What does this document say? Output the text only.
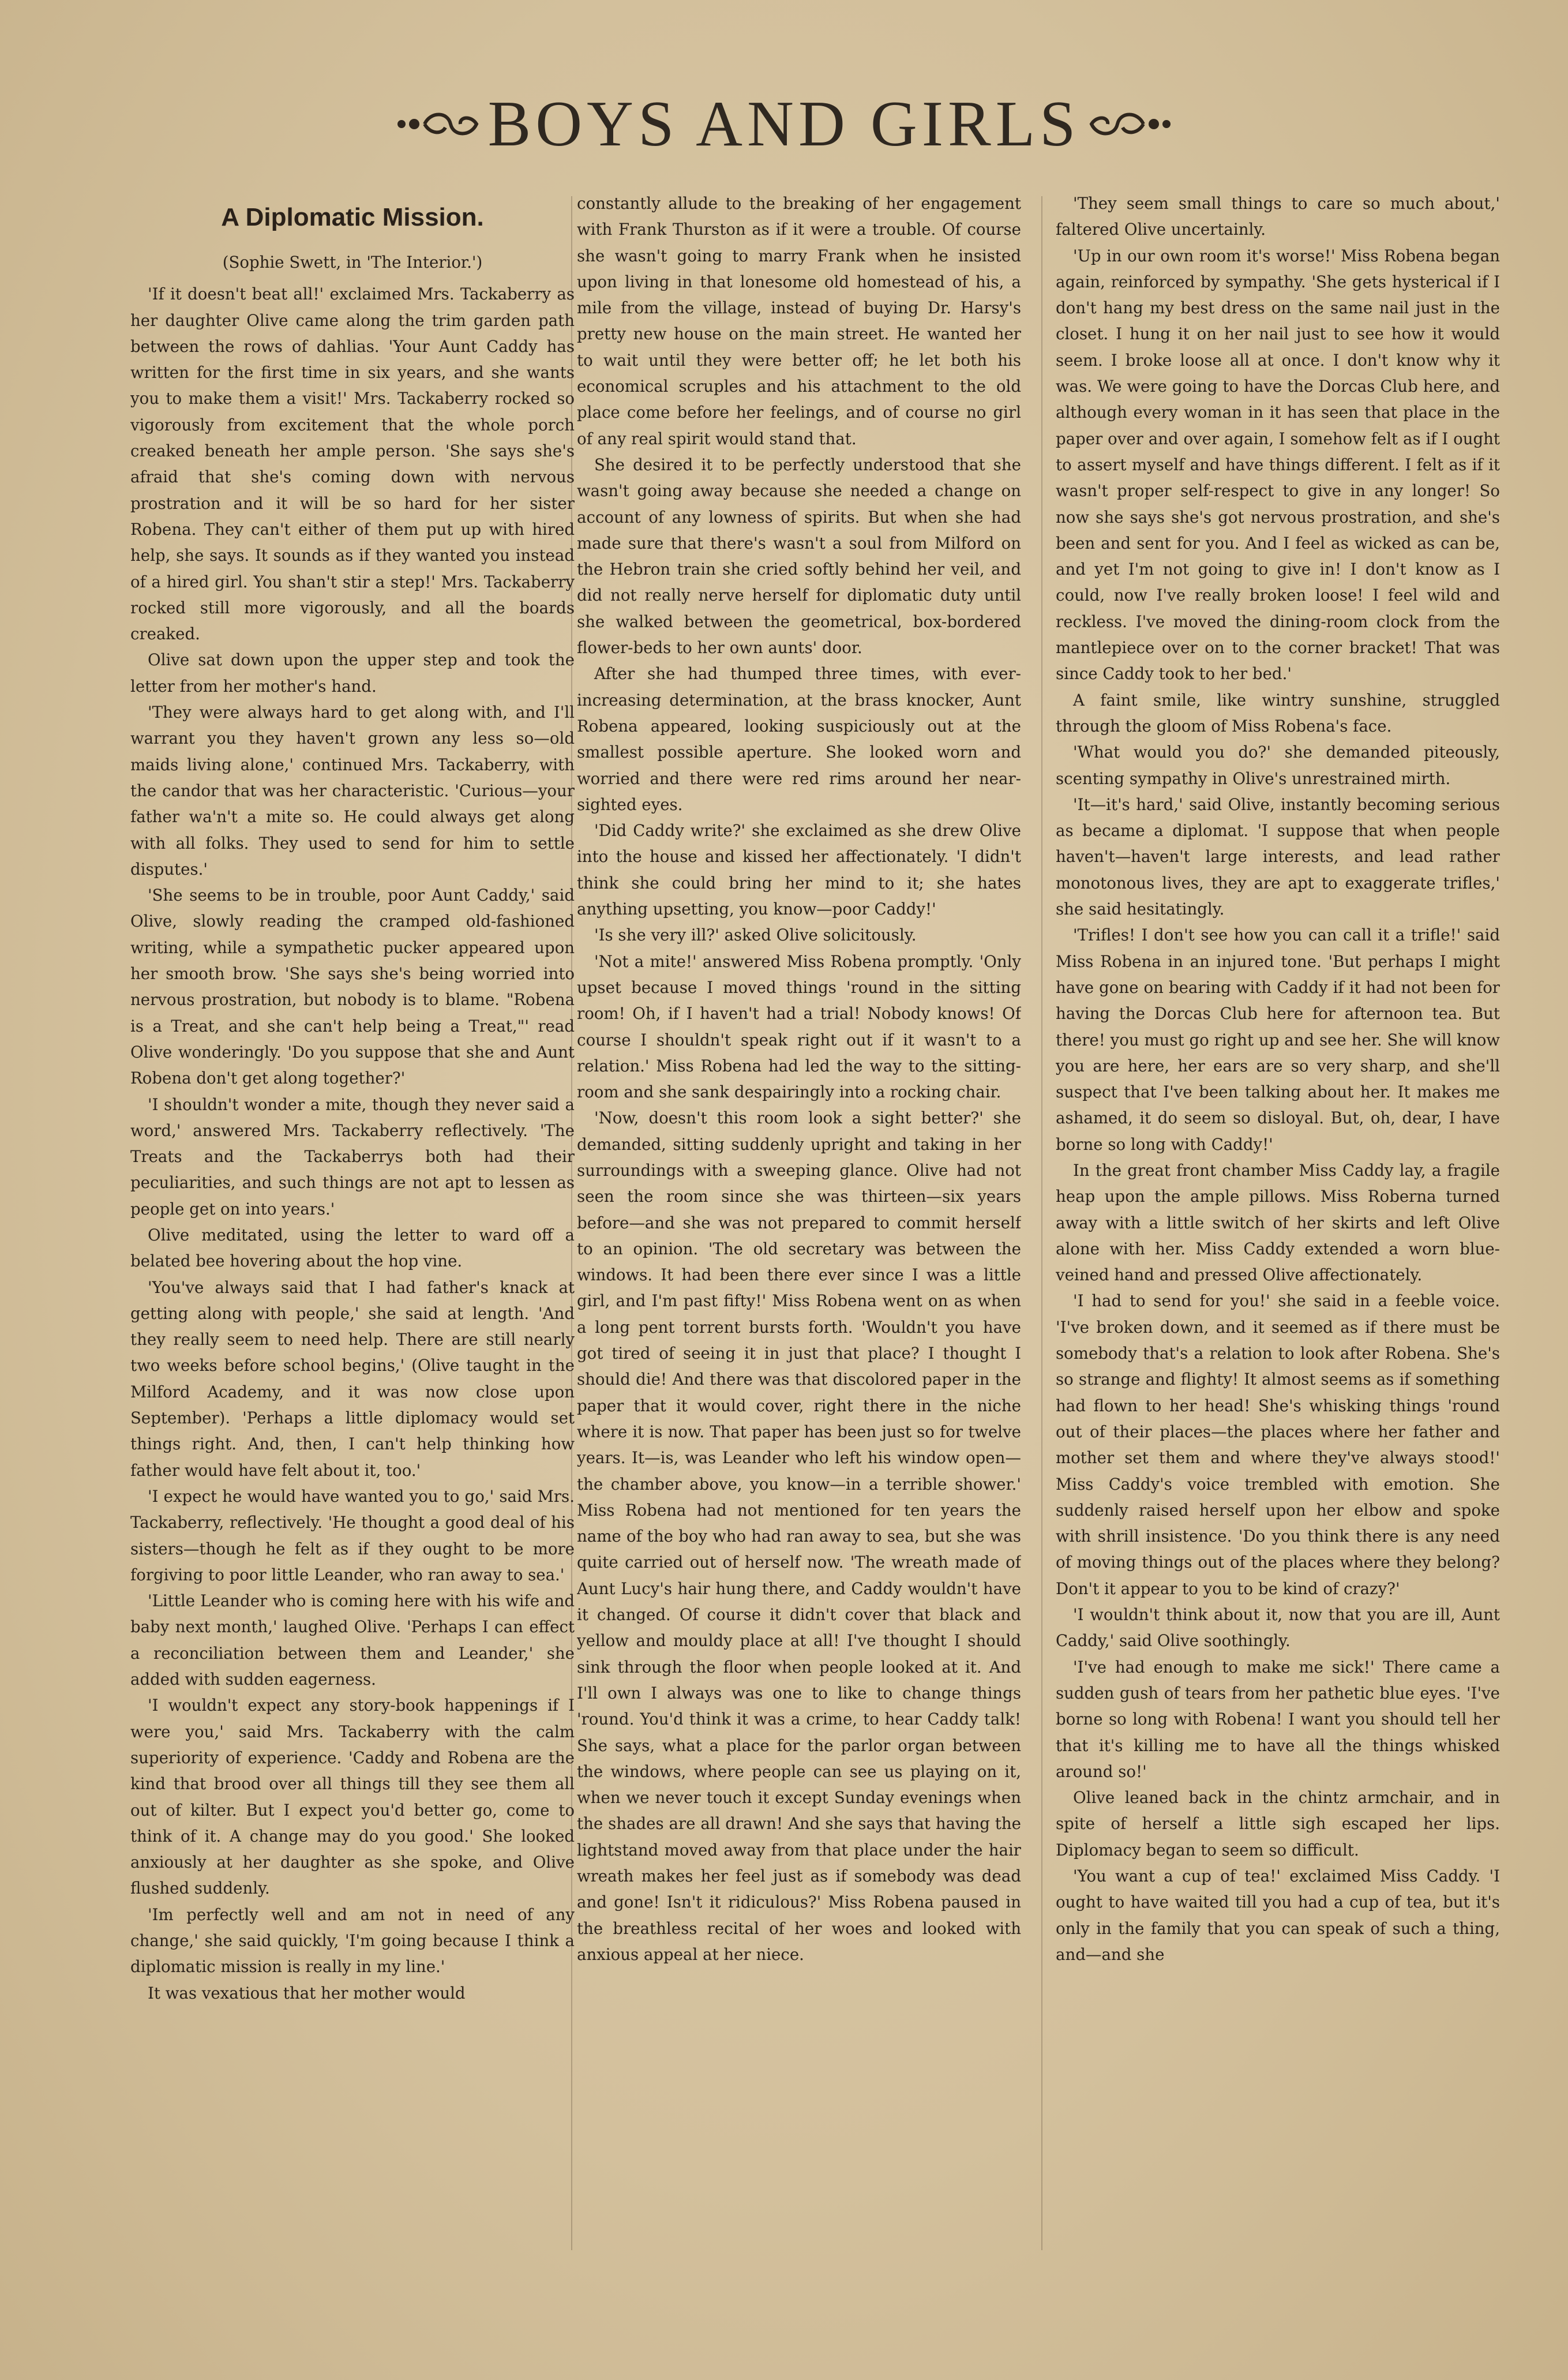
BOYS AND GIRLS
A Diplomatic Mission.

(Sophie Swett, in 'The Interior.')

'If it doesn't beat all!' exclaimed Mrs. Tackaberry as her daughter Olive came along the trim garden path between the rows of dahlias. 'Your Aunt Caddy has written for the first time in six years, and she wants you to make them a visit!' Mrs. Tackaberry rocked so vigorously from excitement that the whole porch creaked beneath her ample person. 'She says she's afraid that she's coming down with nervous prostration and it will be so hard for her sister Robena. They can't either of them put up with hired help, she says. It sounds as if they wanted you instead of a hired girl. You shan't stir a step!' Mrs. Tackaberry rocked still more vigorously, and all the boards creaked.

Olive sat down upon the upper step and took the letter from her mother's hand.

'They were always hard to get along with, and I'll warrant you they haven't grown any less so—old maids living alone,' continued Mrs. Tackaberry, with the candor that was her characteristic. 'Curious—your father wa'n't a mite so. He could always get along with all folks. They used to send for him to settle disputes.'

'She seems to be in trouble, poor Aunt Caddy,' said Olive, slowly reading the cramped old-fashioned writing, while a sympathetic pucker appeared upon her smooth brow. 'She says she's being worried into nervous prostration, but nobody is to blame. "Robena is a Treat, and she can't help being a Treat,"' read Olive wonderingly. 'Do you suppose that she and Aunt Robena don't get along together?'

'I shouldn't wonder a mite, though they never said a word,' answered Mrs. Tackaberry reflectively. 'The Treats and the Tackaberrys both had their peculiarities, and such things are not apt to lessen as people get on into years.'

Olive meditated, using the letter to ward off a belated bee hovering about the hop vine.

'You've always said that I had father's knack at getting along with people,' she said at length. 'And they really seem to need help. There are still nearly two weeks before school begins,' (Olive taught in the Milford Academy, and it was now close upon September). 'Perhaps a little diplomacy would set things right. And, then, I can't help thinking how father would have felt about it, too.'

'I expect he would have wanted you to go,' said Mrs. Tackaberry, reflectively. 'He thought a good deal of his sisters—though he felt as if they ought to be more forgiving to poor little Leander, who ran away to sea.'

'Little Leander who is coming here with his wife and baby next month,' laughed Olive. 'Perhaps I can effect a reconciliation between them and Leander,' she added with sudden eagerness.

'I wouldn't expect any story-book happenings if I were you,' said Mrs. Tackaberry with the calm superiority of experience. 'Caddy and Robena are the kind that brood over all things till they see them all out of kilter. But I expect you'd better go, come to think of it. A change may do you good.' She looked anxiously at her daughter as she spoke, and Olive flushed suddenly.

'Im perfectly well and am not in need of any change,' she said quickly, 'I'm going because I think a diplomatic mission is really in my line.'

It was vexatious that her mother would

constantly allude to the breaking of her engagement with Frank Thurston as if it were a trouble. Of course she wasn't going to marry Frank when he insisted upon living in that lonesome old homestead of his, a mile from the village, instead of buying Dr. Harsy's pretty new house on the main street. He wanted her to wait until they were better off; he let both his economical scruples and his attachment to the old place come before her feelings, and of course no girl of any real spirit would stand that.

She desired it to be perfectly understood that she wasn't going away because she needed a change on account of any lowness of spirits. But when she had made sure that there's wasn't a soul from Milford on the Hebron train she cried softly behind her veil, and did not really nerve herself for diplomatic duty until she walked between the geometrical, box-bordered flower-beds to her own aunts' door.

After she had thumped three times, with ever-increasing determination, at the brass knocker, Aunt Robena appeared, looking suspiciously out at the smallest possible aperture. She looked worn and worried and there were red rims around her near-sighted eyes.

'Did Caddy write?' she exclaimed as she drew Olive into the house and kissed her affectionately. 'I didn't think she could bring her mind to it; she hates anything upsetting, you know—poor Caddy!'

'Is she very ill?' asked Olive solicitously.

'Not a mite!' answered Miss Robena promptly. 'Only upset because I moved things 'round in the sitting room! Oh, if I haven't had a trial! Nobody knows! Of course I shouldn't speak right out if it wasn't to a relation.' Miss Robena had led the way to the sitting-room and she sank despairingly into a rocking chair.

'Now, doesn't this room look a sight better?' she demanded, sitting suddenly upright and taking in her surroundings with a sweeping glance. Olive had not seen the room since she was thirteen—six years before—and she was not prepared to commit herself to an opinion. 'The old secretary was between the windows. It had been there ever since I was a little girl, and I'm past fifty!' Miss Robena went on as when a long pent torrent bursts forth. 'Wouldn't you have got tired of seeing it in just that place? I thought I should die! And there was that discolored paper in the paper that it would cover, right there in the niche where it is now. That paper has been just so for twelve years. It—is, was Leander who left his window open—the chamber above, you know—in a terrible shower.' Miss Robena had not mentioned for ten years the name of the boy who had ran away to sea, but she was quite carried out of herself now. 'The wreath made of Aunt Lucy's hair hung there, and Caddy wouldn't have it changed. Of course it didn't cover that black and yellow and mouldy place at all! I've thought I should sink through the floor when people looked at it. And I'll own I always was one to like to change things 'round. You'd think it was a crime, to hear Caddy talk! She says, what a place for the parlor organ between the windows, where people can see us playing on it, when we never touch it except Sunday evenings when the shades are all drawn! And she says that having the lightstand moved away from that place under the hair wreath makes her feel just as if somebody was dead and gone! Isn't it ridiculous?' Miss Robena paused in the breathless recital of her woes and looked with anxious appeal at her niece.

'They seem small things to care so much about,' faltered Olive uncertainly.

'Up in our own room it's worse!' Miss Robena began again, reinforced by sympathy. 'She gets hysterical if I don't hang my best dress on the same nail just in the closet. I hung it on her nail just to see how it would seem. I broke loose all at once. I don't know why it was. We were going to have the Dorcas Club here, and although every woman in it has seen that place in the paper over and over again, I somehow felt as if I ought to assert myself and have things different. I felt as if it wasn't proper self-respect to give in any longer! So now she says she's got nervous prostration, and she's been and sent for you. And I feel as wicked as can be, and yet I'm not going to give in! I don't know as I could, now I've really broken loose! I feel wild and reckless. I've moved the dining-room clock from the mantlepiece over on to the corner bracket! That was since Caddy took to her bed.'

A faint smile, like wintry sunshine, struggled through the gloom of Miss Robena's face.

'What would you do?' she demanded piteously, scenting sympathy in Olive's unrestrained mirth.

'It—it's hard,' said Olive, instantly becoming serious as became a diplomat. 'I suppose that when people haven't—haven't large interests, and lead rather monotonous lives, they are apt to exaggerate trifles,' she said hesitatingly.

'Trifles! I don't see how you can call it a trifle!' said Miss Robena in an injured tone. 'But perhaps I might have gone on bearing with Caddy if it had not been for having the Dorcas Club here for afternoon tea. But there! you must go right up and see her. She will know you are here, her ears are so very sharp, and she'll suspect that I've been talking about her. It makes me ashamed, it do seem so disloyal. But, oh, dear, I have borne so long with Caddy!'

In the great front chamber Miss Caddy lay, a fragile heap upon the ample pillows. Miss Roberna turned away with a little switch of her skirts and left Olive alone with her. Miss Caddy extended a worn blue-veined hand and pressed Olive affectionately.

'I had to send for you!' she said in a feeble voice. 'I've broken down, and it seemed as if there must be somebody that's a relation to look after Robena. She's so strange and flighty! It almost seems as if something had flown to her head! She's whisking things 'round out of their places—the places where her father and mother set them and where they've always stood!' Miss Caddy's voice trembled with emotion. She suddenly raised herself upon her elbow and spoke with shrill insistence. 'Do you think there is any need of moving things out of the places where they belong? Don't it appear to you to be kind of crazy?'

'I wouldn't think about it, now that you are ill, Aunt Caddy,' said Olive soothingly.

'I've had enough to make me sick!' There came a sudden gush of tears from her pathetic blue eyes. 'I've borne so long with Robena! I want you should tell her that it's killing me to have all the things whisked around so!'

Olive leaned back in the chintz armchair, and in spite of herself a little sigh escaped her lips. Diplomacy began to seem so difficult.

'You want a cup of tea!' exclaimed Miss Caddy. 'I ought to have waited till you had a cup of tea, but it's only in the family that you can speak of such a thing, and—and she
